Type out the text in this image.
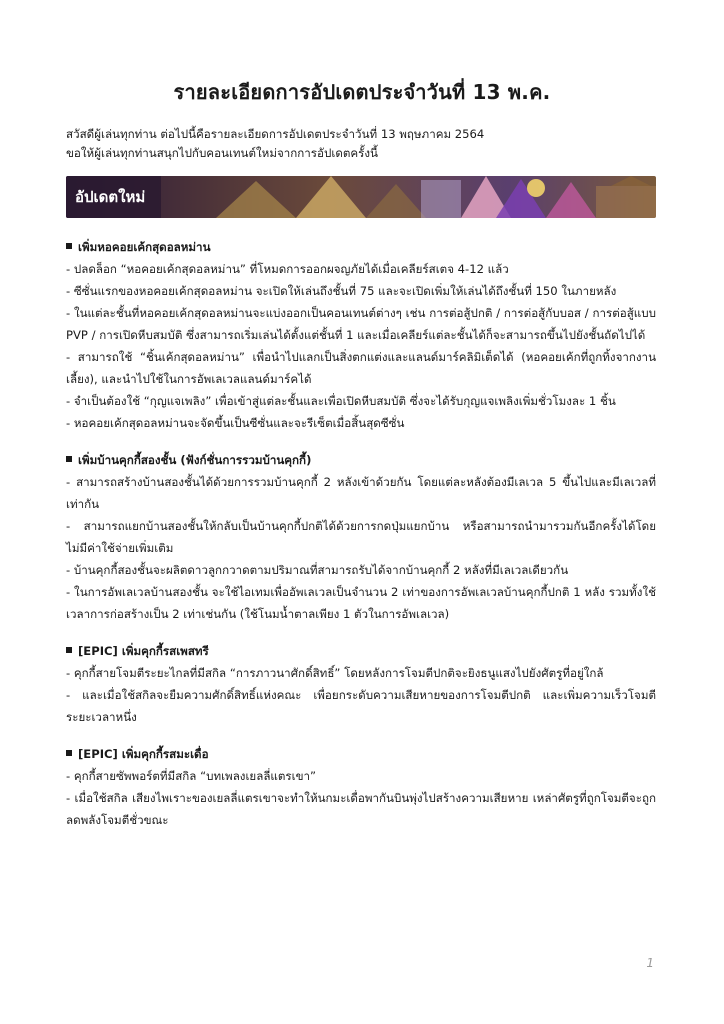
รายละเอียดการอัปเดตประจำวันที่ 13 พ.ค.
สวัสดีผู้เล่นทุกท่าน ต่อไปนี้คือรายละเอียดการอัปเดตประจำวันที่ 13 พฤษภาคม 2564
ขอให้ผู้เล่นทุกท่านสนุกไปกับคอนเทนต์ใหม่จากการอัปเดตครั้งนี้
อัปเดตใหม่
เพิ่มหอคอยเค้กสุดอลหม่าน
- ปลดล็อก “หอคอยเค้กสุดอลหม่าน” ที่โหมดการออกผจญภัยได้เมื่อเคลียร์สเตจ 4-12 แล้ว
- ซีซั่นแรกของหอคอยเค้กสุดอลหม่าน จะเปิดให้เล่นถึงชั้นที่ 75 และจะเปิดเพิ่มให้เล่นได้ถึงชั้นที่ 150 ในภายหลัง
- ในแต่ละชั้นที่หอคอยเค้กสุดอลหม่านจะแบ่งออกเป็นคอนเทนต์ต่างๆ เช่น การต่อสู้ปกติ / การต่อสู้กับบอส / การต่อสู้แบบ PVP / การเปิดหีบสมบัติ ซึ่งสามารถเริ่มเล่นได้ตั้งแต่ชั้นที่ 1 และเมื่อเคลียร์แต่ละชั้นได้ก็จะสามารถขึ้นไปยังชั้นถัดไปได้
- สามารถใช้ “ชิ้นเค้กสุดอลหม่าน” เพื่อนำไปแลกเป็นสิ่งตกแต่งและแลนด์มาร์คลิมิเต็ดได้ (หอคอยเค้กที่ถูกทิ้งจากงานเลี้ยง), และนำไปใช้ในการอัพเลเวลแลนด์มาร์คได้
- จำเป็นต้องใช้ “กุญแจเพลิง” เพื่อเข้าสู่แต่ละชั้นและเพื่อเปิดหีบสมบัติ ซึ่งจะได้รับกุญแจเพลิงเพิ่มชั่วโมงละ 1 ชิ้น
- หอคอยเค้กสุดอลหม่านจะจัดขึ้นเป็นซีซั่นและจะรีเซ็ตเมื่อสิ้นสุดซีซั่น
เพิ่มบ้านคุกกี้สองชั้น (ฟังก์ชั่นการรวมบ้านคุกกี้)
- สามารถสร้างบ้านสองชั้นได้ด้วยการรวมบ้านคุกกี้ 2 หลังเข้าด้วยกัน โดยแต่ละหลังต้องมีเลเวล 5 ขึ้นไปและมีเลเวลที่เท่ากัน
- สามารถแยกบ้านสองชั้นให้กลับเป็นบ้านคุกกี้ปกติได้ด้วยการกดปุ่มแยกบ้าน หรือสามารถนำมารวมกันอีกครั้งได้โดยไม่มีค่าใช้จ่ายเพิ่มเติม
- บ้านคุกกี้สองชั้นจะผลิตดาวลูกกวาดตามปริมาณที่สามารถรับได้จากบ้านคุกกี้ 2 หลังที่มีเลเวลเดียวกัน
- ในการอัพเลเวลบ้านสองชั้น จะใช้ไอเทมเพื่ออัพเลเวลเป็นจำนวน 2 เท่าของการอัพเลเวลบ้านคุกกี้ปกติ 1 หลัง รวมทั้งใช้เวลาการก่อสร้างเป็น 2 เท่าเช่นกัน (ใช้โนมน้ำตาลเพียง 1 ตัวในการอัพเลเวล)
[EPIC] เพิ่มคุกกี้รสเพสทรี
- คุกกี้สายโจมตีระยะไกลที่มีสกิล “การภาวนาศักดิ์สิทธิ์” โดยหลังการโจมตีปกติจะยิงธนูแสงไปยังศัตรูที่อยู่ใกล้
- และเมื่อใช้สกิลจะยืมความศักดิ์สิทธิ์แห่งคณะ เพื่อยกระดับความเสียหายของการโจมตีปกติ และเพิ่มความเร็วโจมตีระยะเวลาหนึ่ง
[EPIC] เพิ่มคุกกี้รสมะเดื่อ
- คุกกี้สายซัพพอร์ตที่มีสกิล “บทเพลงเยลลี่แตรเขา”
- เมื่อใช้สกิล เสียงไพเราะของเยลลี่แตรเขาจะทำให้นกมะเดื่อพากันบินพุ่งไปสร้างความเสียหาย เหล่าศัตรูที่ถูกโจมตีจะถูกลดพลังโจมตีชั่วขณะ
1
